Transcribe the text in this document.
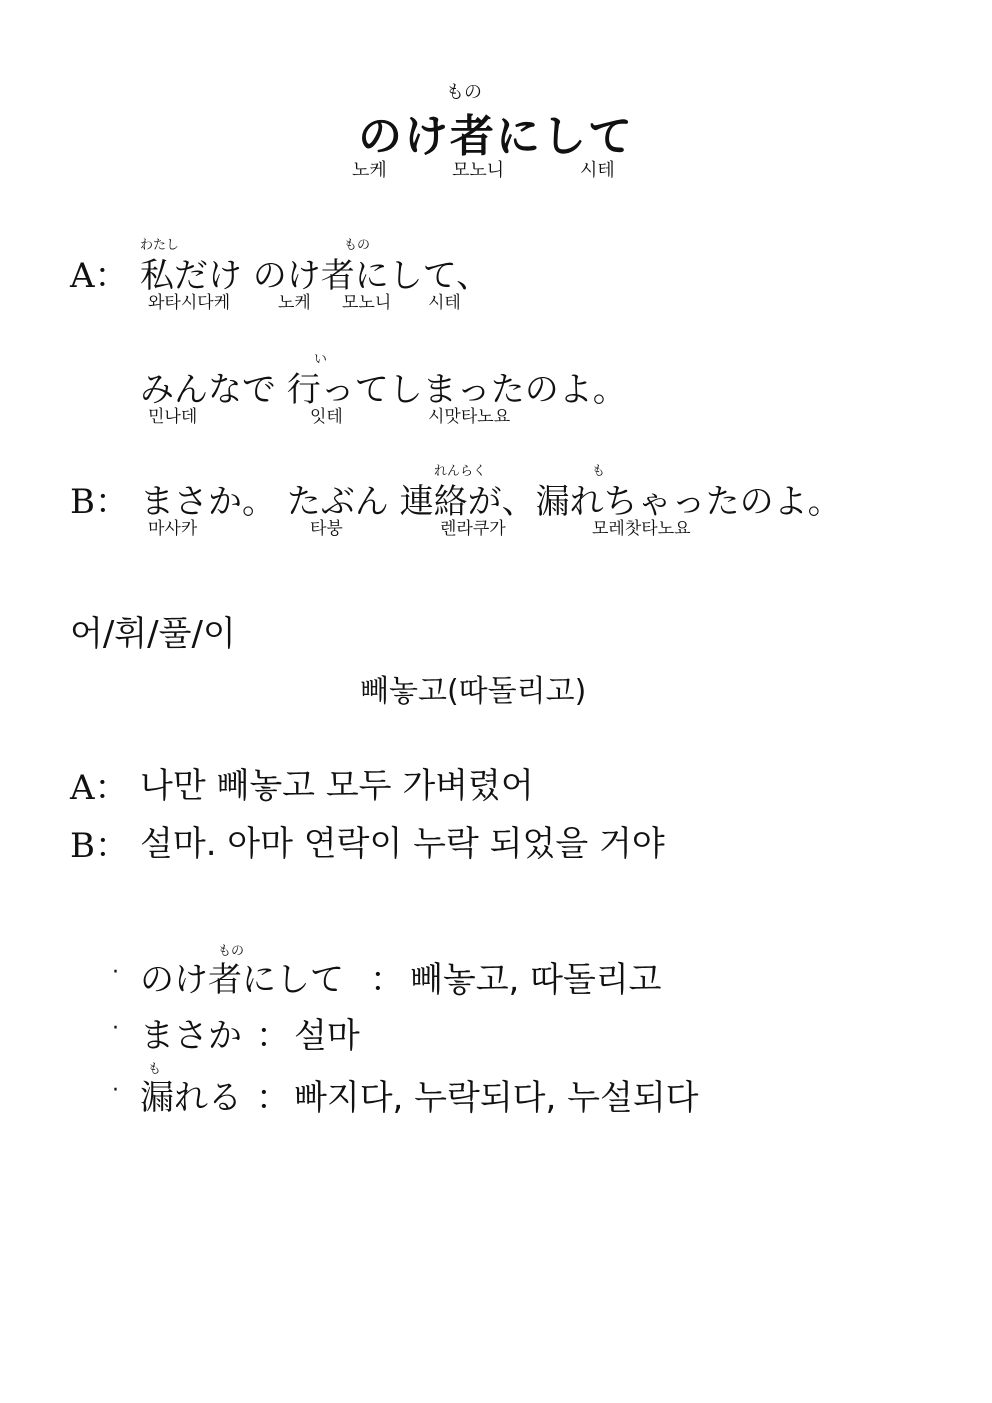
もの
のけ者にして
노케	모노니	시테
わたし	もの
A： 私だけ のけ者にして、
와타시다케	노케 모노니 시테
い
みんなで 行ってしまったのよ。
민나데	잇테	시맛타노요
れんらく	も
B： まさか。 たぶん 連絡が、漏れちゃったのよ。
마사카	타붕	렌라쿠가	모레찻타노요
어/휘/풀/이
빼놓고(따돌리고)
A： 나만 빼놓고 모두 가벼렸어
B： 설마. 아마 연락이 누락 되었을 거야
もの
· のけ者にして ： 빼놓고, 따돌리고
· まさか ： 설마
も
· 漏れる ： 빠지다, 누락되다, 누설되다
